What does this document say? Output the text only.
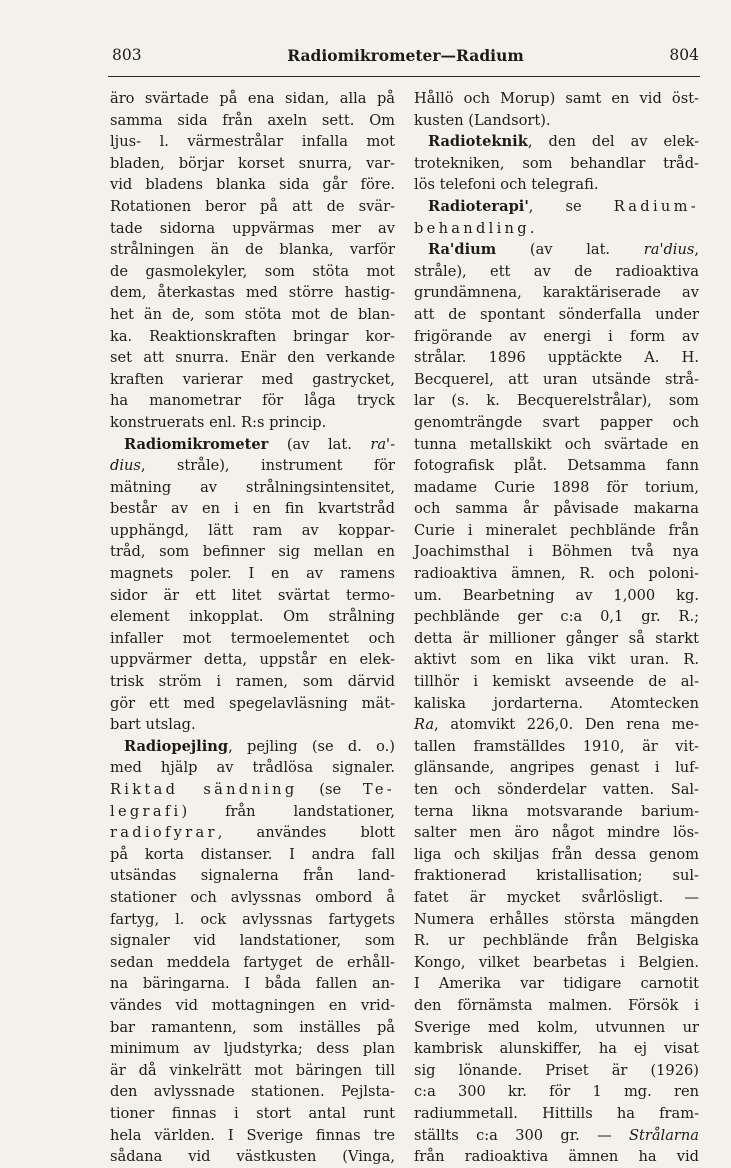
803	Radiomikrometer—Radium	804
äro svärtade på ena sidan, alla på
samma sida från axeln sett. Om
ljus- l. värmestrålar infalla mot
bladen, börjar korset snurra, var-
vid bladens blanka sida går före.
Rotationen beror på att de svär-
tade sidorna uppvärmas mer av
strålningen än de blanka, varför
de gasmolekyler, som stöta mot
dem, återkastas med större hastig-
het än de, som stöta mot de blan-
ka. Reaktionskraften bringar kor-
set att snurra. Enär den verkande
kraften varierar med gastrycket,
ha manometrar för låga tryck
konstruerats enl. R:s princip.
Radiomikrometer (av lat. ra'-
dius, stråle), instrument för
mätning av strålningsintensitet,
består av en i en fin kvartstråd
upphängd, lätt ram av koppar-
tråd, som befinner sig mellan en
magnets poler. I en av ramens
sidor är ett litet svärtat termo-
element inkopplat. Om strålning
infaller mot termoelementet och
uppvärmer detta, uppstår en elek-
trisk ström i ramen, som därvid
gör ett med spegelavläsning mät-
bart utslag.
Radiopejling, pejling (se d. o.)
med hjälp av trådlösa signaler.
Riktad sändning (se Te-
legrafi) från landstationer,
radiofyrar, användes blott
på korta distanser. I andra fall
utsändas signalerna från land-
stationer och avlyssnas ombord å
fartyg, l. ock avlyssnas fartygets
signaler vid landstationer, som
sedan meddela fartyget de erhåll-
na bäringarna. I båda fallen an-
vändes vid mottagningen en vrid-
bar ramantenn, som inställes på
minimum av ljudstyrka; dess plan
är då vinkelrätt mot bäringen till
den avlyssnade stationen. Pejlsta-
tioner finnas i stort antal runt
hela världen. I Sverige finnas tre
sådana vid västkusten (Vinga,
Hållö och Morup) samt en vid öst-
kusten (Landsort).
Radioteknik, den del av elek-
trotekniken, som behandlar tråd-
lös telefoni och telegrafi.
Radioterapi', se Radium-
behandling.
Ra'dium (av lat. ra'dius,
stråle), ett av de radioaktiva
grundämnena, karaktäriserade av
att de spontant sönderfalla under
frigörande av energi i form av
strålar. 1896 upptäckte A. H.
Becquerel, att uran utsände strå-
lar (s. k. Becquerelstrålar), som
genomträngde svart papper och
tunna metallskikt och svärtade en
fotografisk plåt. Detsamma fann
madame Curie 1898 för torium,
och samma år påvisade makarna
Curie i mineralet pechblände från
Joachimsthal i Böhmen två nya
radioaktiva ämnen, R. och poloni-
um. Bearbetning av 1,000 kg.
pechblände ger c:a 0,1 gr. R.;
detta är millioner gånger så starkt
aktivt som en lika vikt uran. R.
tillhör i kemiskt avseende de al-
kaliska jordarterna. Atomtecken
Ra, atomvikt 226,0. Den rena me-
tallen framställdes 1910, är vit-
glänsande, angripes genast i luf-
ten och sönderdelar vatten. Sal-
terna likna motsvarande barium-
salter men äro något mindre lös-
liga och skiljas från dessa genom
fraktionerad kristallisation; sul-
fatet är mycket svårlösligt. —
Numera erhålles största mängden
R. ur pechblände från Belgiska
Kongo, vilket bearbetas i Belgien.
I Amerika var tidigare carnotit
den förnämsta malmen. Försök i
Sverige med kolm, utvunnen ur
kambrisk alunskiffer, ha ej visat
sig lönande. Priset är (1926)
c:a 300 kr. för 1 mg. ren
radiummetall. Hittills ha fram-
ställts c:a 300 gr. — Strålarna
från radioaktiva ämnen ha vid
